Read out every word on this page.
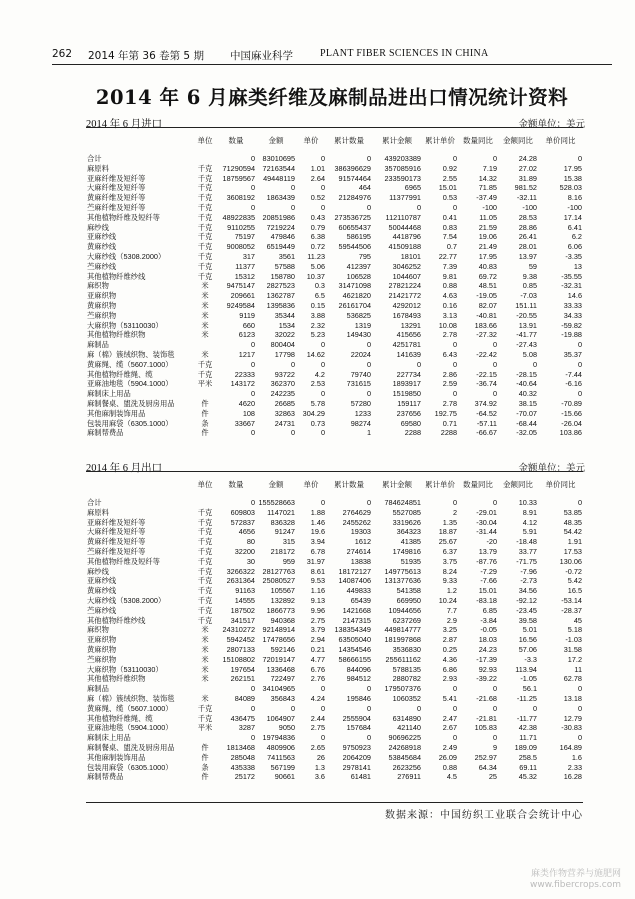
262 2014 年第 36 卷第 5 期 中国麻业科学	PLANT FIBER SCIENCES IN CHINA
2014 年 6 月麻类纤维及麻制品进出口情况统计资料
2014 年 6 月进口	金额单位：美元
	单位	数量	金额	单价	累计数量	累计金额	累计单价	数量同比	金额同比	单价同比
合计		0	83010695	0	0	439203389	0	0	24.28	0
麻原料	千克	71290594	72163544	1.01	386396629	357085916	0.92	7.19	27.02	17.95
亚麻纤维及短纤等	千克	18759567	49448119	2.64	91574464	233590173	2.55	14.32	31.89	15.38
大麻纤维及短纤等	千克	0	0	0	464	6965	15.01	71.85	981.52	528.03
黄麻纤维及短纤等	千克	3608192	1863439	0.52	21284976	11377991	0.53	-37.49	-32.11	8.16
苎麻纤维及短纤等	千克	0	0	0	0	0	0	-100	-100	-100
其他植物纤维及短纤等	千克	48922835	20851986	0.43	273536725	112110787	0.41	11.05	28.53	17.14
麻纱线	千克	9110255	7219224	0.79	60655437	50044468	0.83	21.59	28.86	6.41
亚麻纱线	千克	75197	479846	6.38	586195	4418796	7.54	19.06	26.41	6.2
黄麻纱线	千克	9008052	6519449	0.72	59544506	41509188	0.7	21.49	28.01	6.06
大麻纱线（5308.2000）	千克	317	3561	11.23	795	18101	22.77	17.95	13.97	-3.35
苎麻纱线	千克	11377	57588	5.06	412397	3046252	7.39	40.83	59	13
其他植物纤维纱线	千克	15312	158780	10.37	106528	1044607	9.81	69.72	9.38	-35.55
麻织物	米	9475147	2827523	0.3	31471098	27821224	0.88	48.51	0.85	-32.31
亚麻织物	米	209661	1362787	6.5	4621820	21421772	4.63	-19.05	-7.03	14.6
黄麻织物	米	9249584	1395836	0.15	26161704	4292012	0.16	82.07	151.11	33.33
苎麻织物	米	9119	35344	3.88	536825	1678493	3.13	-40.81	-20.55	34.33
大麻织物（53110030）	米	660	1534	2.32	1319	13291	10.08	183.66	13.91	-59.82
其他植物纤维织物	米	6123	32022	5.23	149430	415656	2.78	-27.32	-41.77	-19.88
麻制品		0	800404	0	0	4251781	0	0	-27.43	0
麻（棉）簇绒织物、装饰毯	米	1217	17798	14.62	22024	141639	6.43	-22.42	5.08	35.37
黄麻绳、缆（5607.1000）	千克	0	0	0	0	0	0	0	0	0
其他植物纤维绳、缆	千克	22333	93722	4.2	79740	227734	2.86	-22.15	-28.15	-7.44
亚麻油地毯（5904.1000）	平米	143172	362370	2.53	731615	1893917	2.59	-36.74	-40.64	-6.16
麻制床上用品		0	242235	0	0	1519850	0	0	40.32	0
麻制餐桌、盥洗及厨房用品	件	4620	26685	5.78	57280	159117	2.78	374.92	38.15	-70.89
其他麻制装饰用品	件	108	32863	304.29	1233	237656	192.75	-64.52	-70.07	-15.66
包装用麻袋（6305.1000）	条	33667	24731	0.73	98274	69580	0.71	-57.11	-68.44	-26.04
麻制帮费品	件	0	0	0	1	2288	2288	-66.67	-32.05	103.86
2014 年 6 月出口	金额单位：美元
	单位	数量	金额	单价	累计数量	累计金额	累计单价	数量同比	金额同比	单价同比
合计		0	155528663	0	0	784624851	0	0	10.33	0
麻原料	千克	609803	1147021	1.88	2764629	5527085	2	-29.01	8.91	53.85
亚麻纤维及短纤等	千克	572837	836328	1.46	2455262	3319626	1.35	-30.04	4.12	48.35
大麻纤维及短纤等	千克	4656	91247	19.6	19303	364323	18.87	-31.44	5.91	54.42
黄麻纤维及短纤等	千克	80	315	3.94	1612	41385	25.67	-20	-18.48	1.91
苎麻纤维及短纤等	千克	32200	218172	6.78	274614	1749816	6.37	13.79	33.77	17.53
其他植物纤维及短纤等	千克	30	959	31.97	13838	51935	3.75	-87.76	-71.75	130.06
麻纱线	千克	3266322	28127763	8.61	18172127	149775613	8.24	-7.29	-7.96	-0.72
亚麻纱线	千克	2631364	25080527	9.53	14087406	131377636	9.33	-7.66	-2.73	5.42
黄麻纱线	千克	91163	105567	1.16	449833	541358	1.2	15.01	34.56	16.5
大麻纱线（5308.2000）	千克	14555	132892	9.13	65439	669950	10.24	-83.18	-92.12	-53.14
苎麻纱线	千克	187502	1866773	9.96	1421668	10944656	7.7	6.85	-23.45	-28.37
其他植物纤维纱线	千克	341517	940368	2.75	2147315	6237269	2.9	-3.84	39.58	45
麻织物	米	24310272	92148914	3.79	138354349	449814777	3.25	-0.05	5.01	5.18
亚麻织物	米	5942452	17478656	2.94	63505040	181997868	2.87	18.03	16.56	-1.03
黄麻织物	米	2807133	592146	0.21	14354546	3536830	0.25	24.23	57.06	31.58
苎麻织物	米	15108802	72019147	4.77	58666155	255611162	4.36	-17.39	-3.3	17.2
大麻织物（53110030）	米	197654	1336468	6.76	844096	5788135	6.86	92.93	113.94	11
其他植物纤维织物	米	262151	722497	2.76	984512	2880782	2.93	-39.22	-1.05	62.78
麻制品		0	34104965	0	0	179507376	0	0	56.1	0
麻（棉）簇绒织物、装饰毯	米	84089	356843	4.24	195846	1060352	5.41	-21.68	-11.25	13.18
黄麻绳、缆（5607.1000）	千克	0	0	0	0	0	0	0	0	0
其他植物纤维绳、缆	千克	436475	1064907	2.44	2555904	6314890	2.47	-21.81	-11.77	12.79
亚麻油地毯（5904.1000）	平米	3287	9050	2.75	157684	421140	2.67	105.83	42.38	-30.83
麻制床上用品		0	19794836	0	0	90696225	0	0	11.71	0
麻制餐桌、盥洗及厨房用品	件	1813468	4809906	2.65	9750923	24268918	2.49	9	189.09	164.89
其他麻制装饰用品	件	285048	7411563	26	2064209	53845684	26.09	252.97	258.5	1.6
包装用麻袋（6305.1000）	条	435338	567199	1.3	2978141	2623256	0.88	64.34	69.11	2.33
麻制帮费品	件	25172	90661	3.6	61481	276911	4.5	25	45.32	16.28
数据来源：中国纺织工业联合会统计中心
麻类作物营养与施肥网
www.fibercrops.com
